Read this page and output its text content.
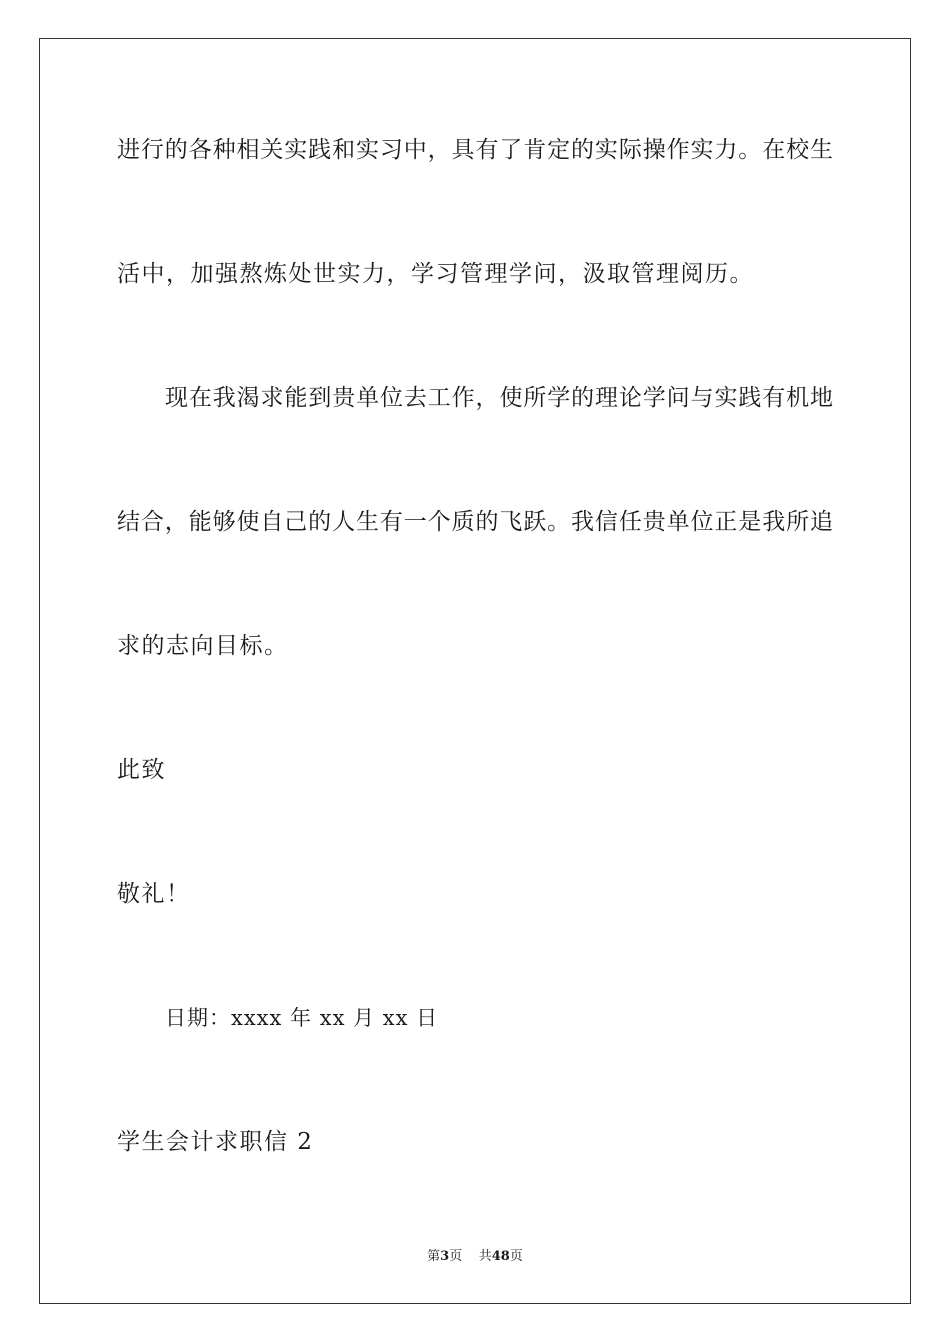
进行的各种相关实践和实习中，具有了肯定的实际操作实力。在校生
活中，加强熬炼处世实力，学习管理学问，汲取管理阅历。
现在我渴求能到贵单位去工作，使所学的理论学问与实践有机地
结合，能够使自己的人生有一个质的飞跃。我信任贵单位正是我所追
求的志向目标。
此致
敬礼！
日期：xxxx 年 xx 月 xx 日
学生会计求职信 2
第3页 共48页
